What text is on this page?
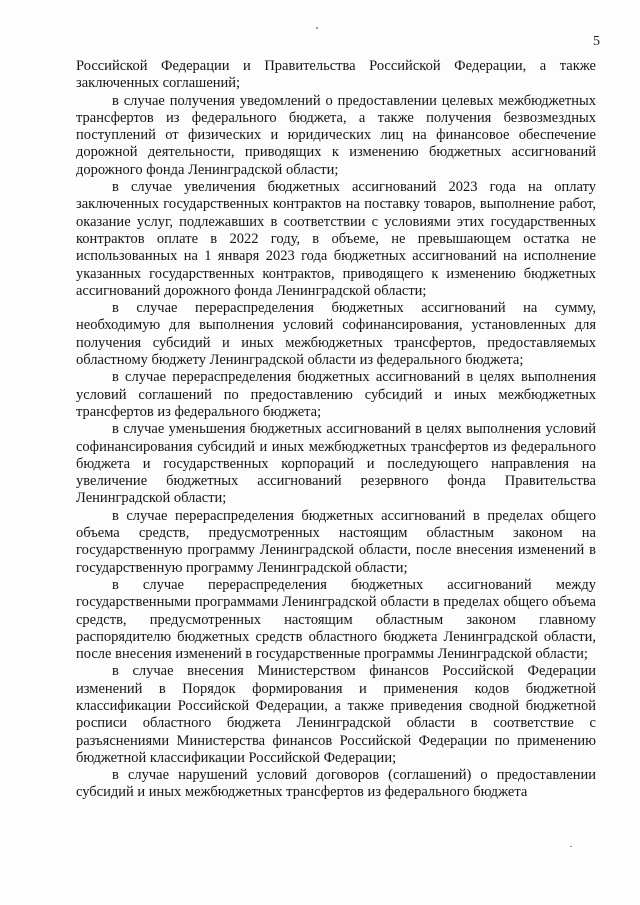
5

Российской Федерации и Правительства Российской Федерации, а также заключенных соглашений;

в случае получения уведомлений о предоставлении целевых межбюджетных трансфертов из федерального бюджета, а также получения безвозмездных поступлений от физических и юридических лиц на финансовое обеспечение дорожной деятельности, приводящих к изменению бюджетных ассигнований дорожного фонда Ленинградской области;

в случае увеличения бюджетных ассигнований 2023 года на оплату заключенных государственных контрактов на поставку товаров, выполнение работ, оказание услуг, подлежавших в соответствии с условиями этих государственных контрактов оплате в 2022 году, в объеме, не превышающем остатка не использованных на 1 января 2023 года бюджетных ассигнований на исполнение указанных государственных контрактов, приводящего к изменению бюджетных ассигнований дорожного фонда Ленинградской области;

в случае перераспределения бюджетных ассигнований на сумму, необходимую для выполнения условий софинансирования, установленных для получения субсидий и иных межбюджетных трансфертов, предоставляемых областному бюджету Ленинградской области из федерального бюджета;

в случае перераспределения бюджетных ассигнований в целях выполнения условий соглашений по предоставлению субсидий и иных межбюджетных трансфертов из федерального бюджета;

в случае уменьшения бюджетных ассигнований в целях выполнения условий софинансирования субсидий и иных межбюджетных трансфертов из федерального бюджета и государственных корпораций и последующего направления на увеличение бюджетных ассигнований резервного фонда Правительства Ленинградской области;

в случае перераспределения бюджетных ассигнований в пределах общего объема средств, предусмотренных настоящим областным законом на государственную программу Ленинградской области, после внесения изменений в государственную программу Ленинградской области;

в случае перераспределения бюджетных ассигнований между государственными программами Ленинградской области в пределах общего объема средств, предусмотренных настоящим областным законом главному распорядителю бюджетных средств областного бюджета Ленинградской области, после внесения изменений в государственные программы Ленинградской области;

в случае внесения Министерством финансов Российской Федерации изменений в Порядок формирования и применения кодов бюджетной классификации Российской Федерации, а также приведения сводной бюджетной росписи областного бюджета Ленинградской области в соответствие с разъяснениями Министерства финансов Российской Федерации по применению бюджетной классификации Российской Федерации;

в случае нарушений условий договоров (соглашений) о предоставлении субсидий и иных межбюджетных трансфертов из федерального бюджета
